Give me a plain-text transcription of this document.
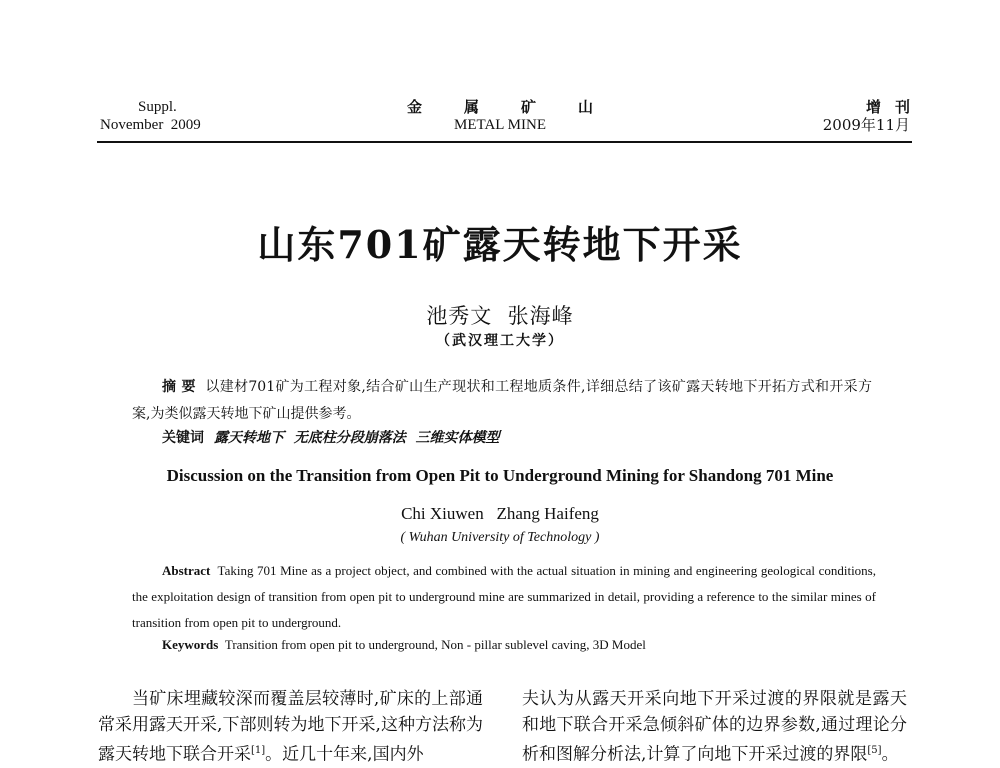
Suppl.
November  2009
金属矿山
METAL MINE
增刊
2009年11月
山东701矿露天转地下开采
池秀文  张海峰
（武汉理工大学）
摘 要 以建材701矿为工程对象,结合矿山生产现状和工程地质条件,详细总结了该矿露天转地下开拓方式和开采方案,为类似露天转地下矿山提供参考。
关键词 露天转地下  无底柱分段崩落法  三维实体模型
Discussion on the Transition from Open Pit to Underground Mining for Shandong 701 Mine
Chi Xiuwen   Zhang Haifeng
( Wuhan University of Technology )
Abstract Taking 701 Mine as a project object, and combined with the actual situation in mining and engineering geological conditions, the exploitation design of transition from open pit to underground mine are summarized in detail, providing a reference to the similar mines of transition from open pit to underground.
Keywords Transition from open pit to underground, Non - pillar sublevel caving, 3D Model
当矿床埋藏较深而覆盖层较薄时,矿床的上部通常采用露天开采,下部则转为地下开采,这种方法称为露天转地下联合开采[1]。近几十年来,国内外
夫认为从露天开采向地下开采过渡的界限就是露天和地下联合开采急倾斜矿体的边界参数,通过理论分析和图解分析法,计算了向地下开采过渡的界限[5]。
